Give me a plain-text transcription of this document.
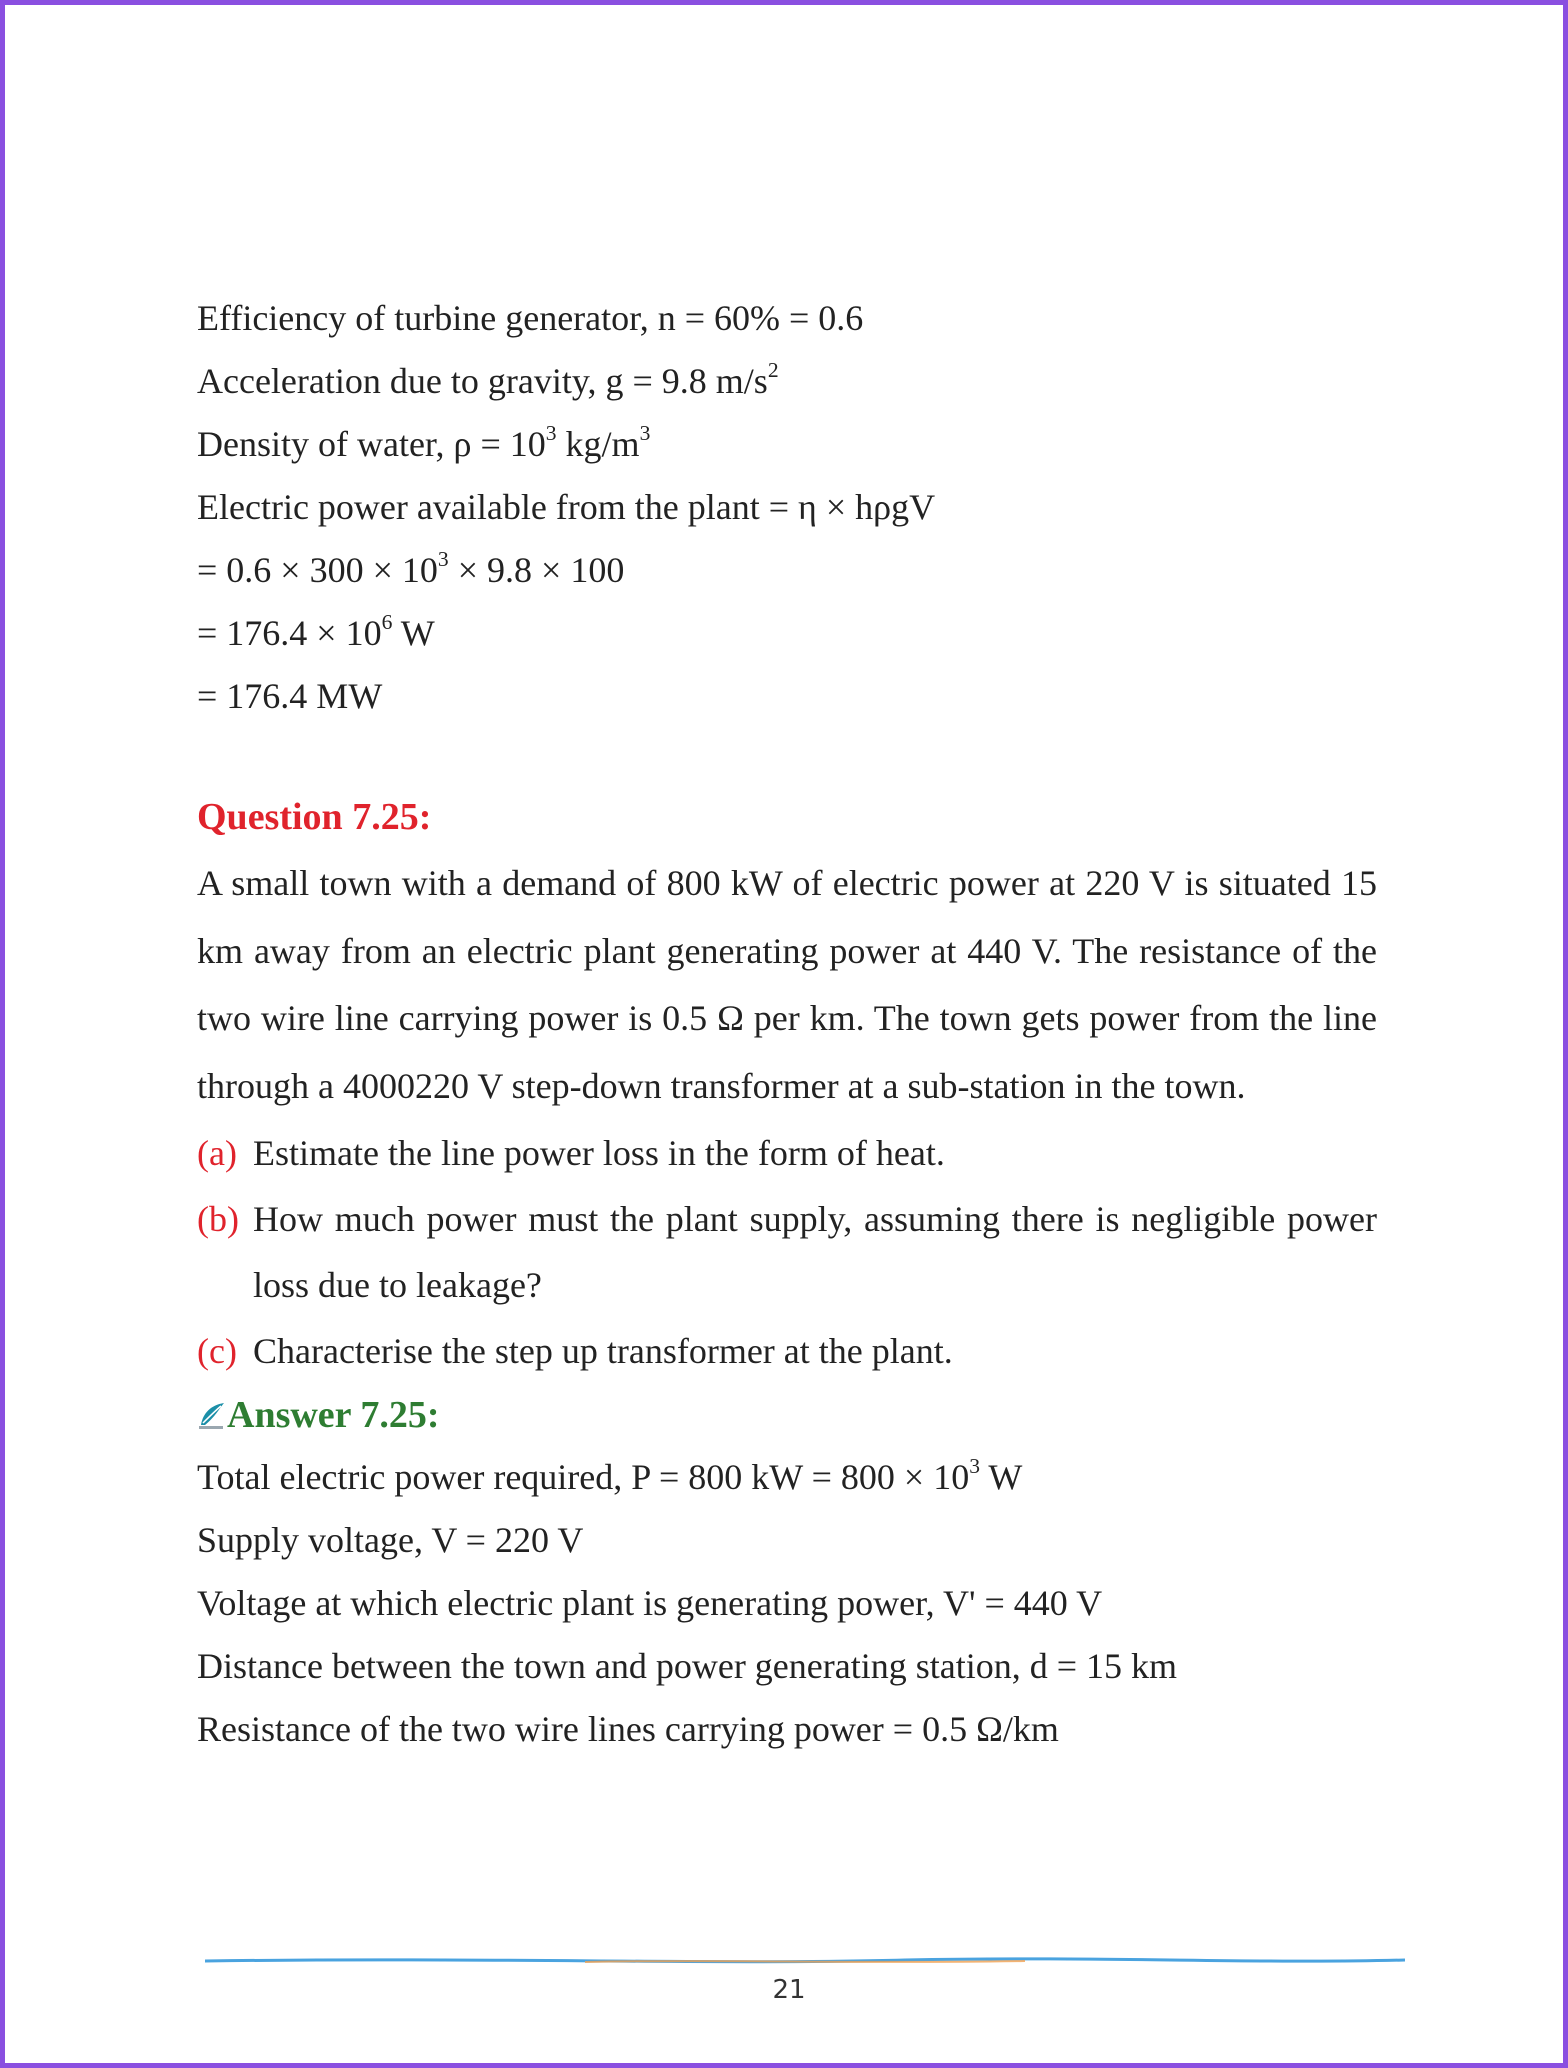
Efficiency of turbine generator, n = 60% = 0.6
Acceleration due to gravity, g = 9.8 $m/s^2$
Density of water, $\rho = 10^3$ $kg/m^3$
Electric power available from the plant = η × hρgV
= $0.6 \times 300 \times 10^3 \times 9.8 \times 100$
= $176.4 \times 10^6$ W
= 176.4 MW
Question 7.25:

A small town with a demand of 800 kW of electric power at 220 V is situated 15 km away from an electric plant generating power at 440 V. The resistance of the two wire line carrying power is 0.5 Ω per km. The town gets power from the line through a 4000220 V step-down transformer at a sub-station in the town.

(a) Estimate the line power loss in the form of heat.
(b) How much power must the plant supply, assuming there is negligible power loss due to leakage?
(c) Characterise the step up transformer at the plant.
Answer 7.25:
Total electric power required, P = 800 kW = $800 \times 10^3$ W
Supply voltage, V = 220 V
Voltage at which electric plant is generating power, V' = 440 V
Distance between the town and power generating station, d = 15 km
Resistance of the two wire lines carrying power = 0.5 Ω/km
21
